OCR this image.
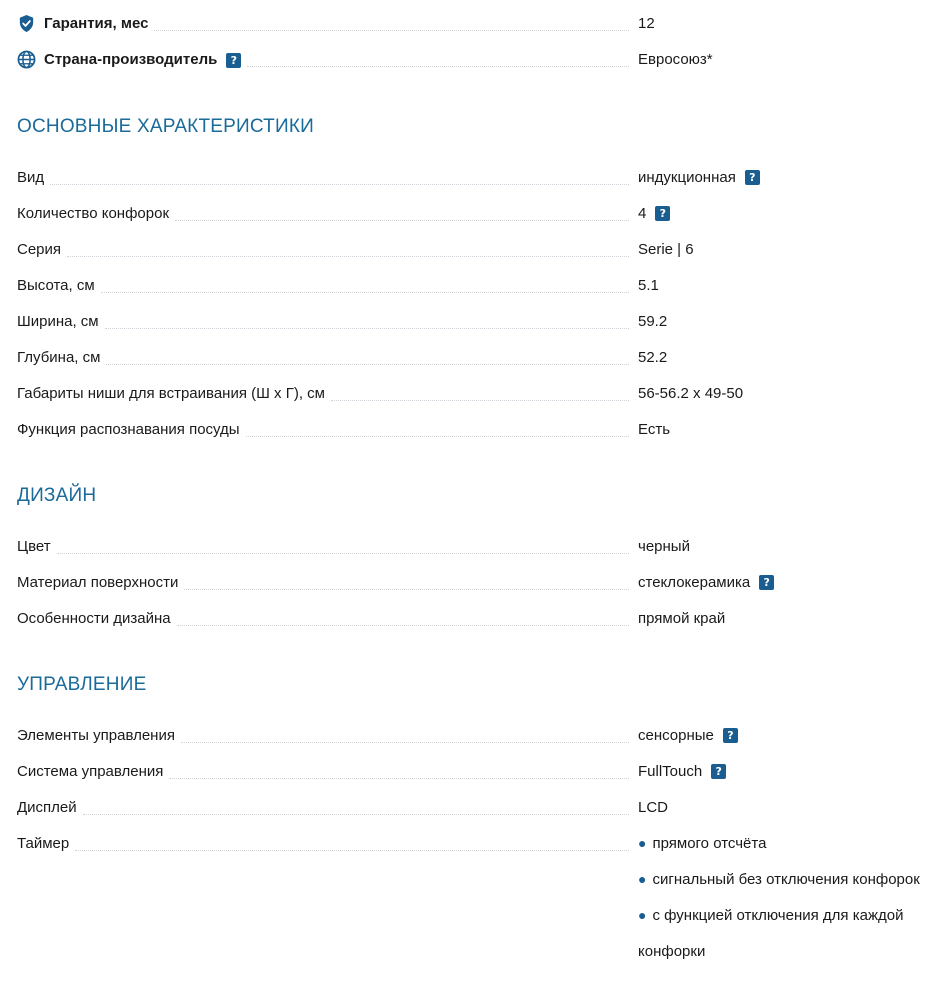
Гарантия, мес	12
Страна-производитель ?	Евросоюз*
ОСНОВНЫЕ ХАРАКТЕРИСТИКИ
Вид	индукционная	?
Количество конфорок	4	?
Серия	Serie | 6
Высота, см	5.1
Ширина, см	59.2
Глубина, см	52.2
Габариты ниши для встраивания (Ш х Г), см	56-56.2 x 49-50
Функция распознавания посуды	Есть
ДИЗАЙН
Цвет	черный
Материал поверхности	стеклокерамика	?
Особенности дизайна	прямой край
УПРАВЛЕНИЕ
Элементы управления	сенсорные	?
Система управления	FullTouch	?
Дисплей	LCD
Таймер	● прямого отсчёта
● сигнальный без отключения конфорок
● с функцией отключения для каждой
конфорки
